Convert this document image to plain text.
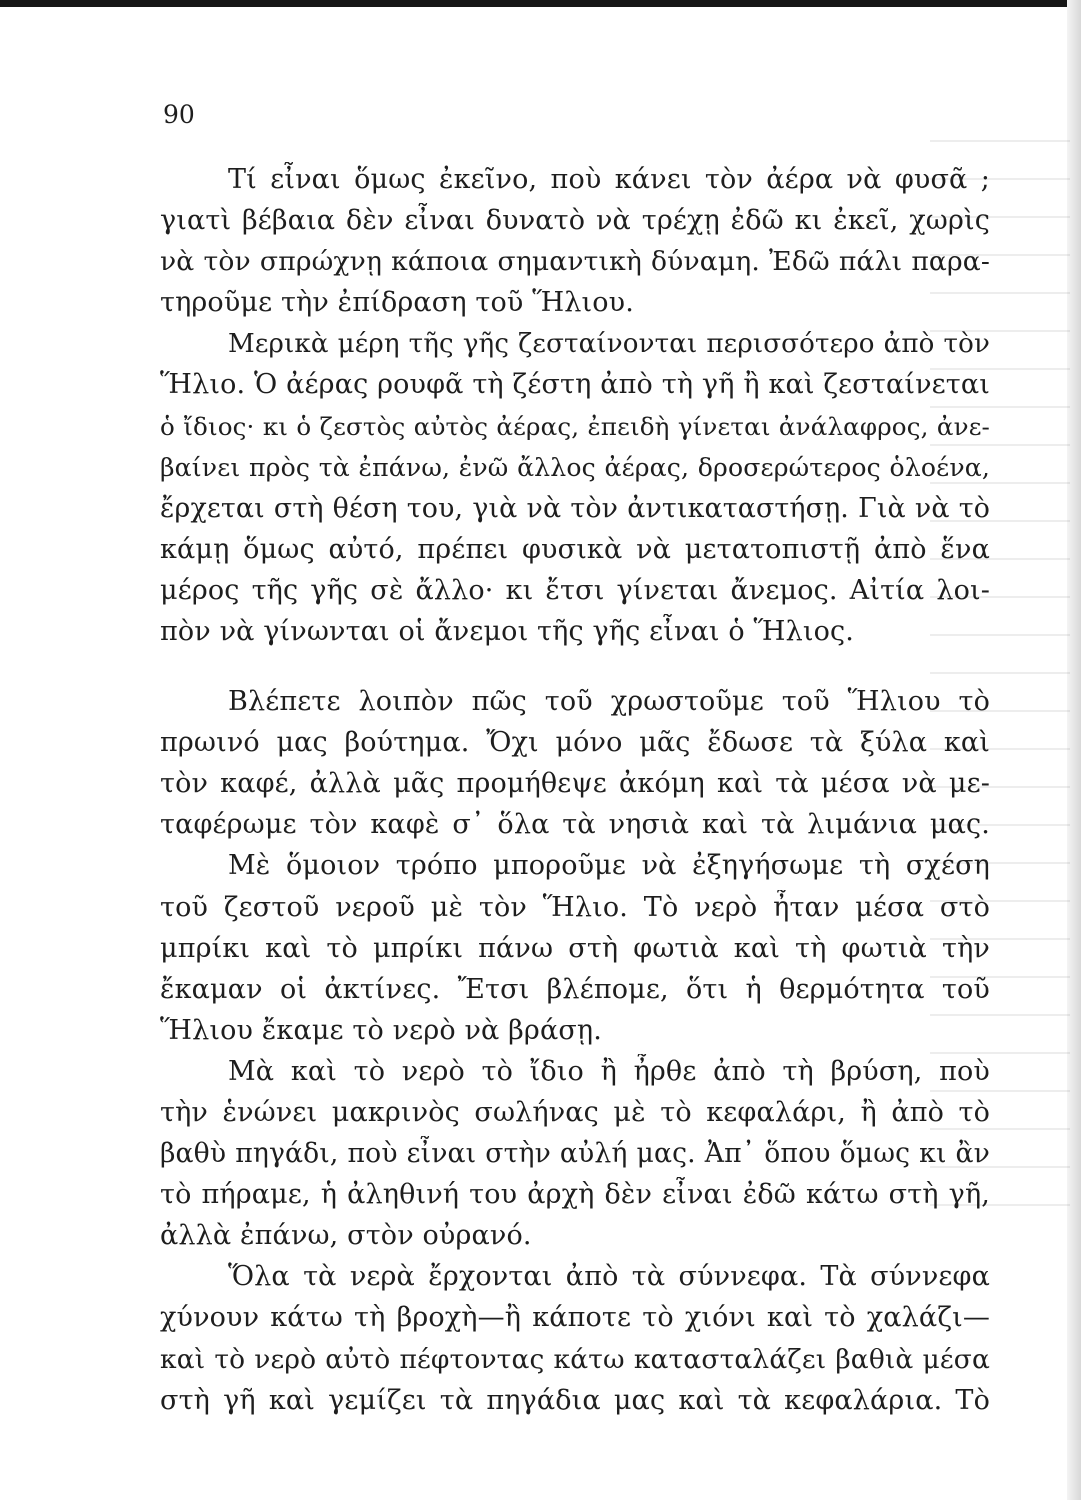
90

Τί εἶναι ὅμως ἐκεῖνο, ποὺ κάνει τὸν ἀέρα νὰ φυσᾶ ;
γιατὶ βέβαια δὲν εἶναι δυνατὸ νὰ τρέχῃ ἐδῶ κι ἐκεῖ, χωρὶς
νὰ τὸν σπρώχνῃ κάποια σημαντικὴ δύναμη. Ἐδῶ πάλι παρα-
τηροῦμε τὴν ἐπίδραση τοῦ Ἥλιου.
Μερικὰ μέρη τῆς γῆς ζεσταίνονται περισσότερο ἀπὸ τὸν
Ἥλιο. Ὁ ἀέρας ρουφᾶ τὴ ζέστη ἀπὸ τὴ γῆ ἢ καὶ ζεσταίνεται
ὁ ἴδιος· κι ὁ ζεστὸς αὐτὸς ἀέρας, ἐπειδὴ γίνεται ἀνάλαφρος, ἀνε-
βαίνει πρὸς τὰ ἐπάνω, ἐνῶ ἄλλος ἀέρας, δροσερώτερος ὁλοένα,
ἔρχεται στὴ θέση του, γιὰ νὰ τὸν ἀντικαταστήσῃ. Γιὰ νὰ τὸ
κάμῃ ὅμως αὐτό, πρέπει φυσικὰ νὰ μετατοπιστῇ ἀπὸ ἕνα
μέρος τῆς γῆς σὲ ἄλλο· κι ἔτσι γίνεται ἄνεμος. Αἰτία λοι-
πὸν νὰ γίνωνται οἱ ἄνεμοι τῆς γῆς εἶναι ὁ Ἥλιος.
Βλέπετε λοιπὸν πῶς τοῦ χρωστοῦμε τοῦ Ἥλιου τὸ
πρωινό μας βούτημα. Ὄχι μόνο μᾶς ἔδωσε τὰ ξύλα καὶ
τὸν καφέ, ἀλλὰ μᾶς προμήθεψε ἀκόμη καὶ τὰ μέσα νὰ με-
ταφέρωμε τὸν καφὲ σ᾽ ὅλα τὰ νησιὰ καὶ τὰ λιμάνια μας.
Μὲ ὅμοιον τρόπο μποροῦμε νὰ ἐξηγήσωμε τὴ σχέση
τοῦ ζεστοῦ νεροῦ μὲ τὸν Ἥλιο. Τὸ νερὸ ἦταν μέσα στὸ
μπρίκι καὶ τὸ μπρίκι πάνω στὴ φωτιὰ καὶ τὴ φωτιὰ τὴν
ἔκαμαν οἱ ἀκτίνες. Ἔτσι βλέπομε, ὅτι ἡ θερμότητα τοῦ
Ἥλιου ἔκαμε τὸ νερὸ νὰ βράσῃ.
Μὰ καὶ τὸ νερὸ τὸ ἴδιο ἢ ἦρθε ἀπὸ τὴ βρύση, ποὺ
τὴν ἑνώνει μακρινὸς σωλήνας μὲ τὸ κεφαλάρι, ἢ ἀπὸ τὸ
βαθὺ πηγάδι, ποὺ εἶναι στὴν αὐλή μας. Ἀπ᾽ ὅπου ὅμως κι ἂν
τὸ πήραμε, ἡ ἀληθινή του ἀρχὴ δὲν εἶναι ἐδῶ κάτω στὴ γῆ,
ἀλλὰ ἐπάνω, στὸν οὐρανό.
Ὅλα τὰ νερὰ ἔρχονται ἀπὸ τὰ σύννεφα. Τὰ σύννεφα
χύνουν κάτω τὴ βροχὴ—ἢ κάποτε τὸ χιόνι καὶ τὸ χαλάζι—
καὶ τὸ νερὸ αὐτὸ πέφτοντας κάτω κατασταλάζει βαθιὰ μέσα
στὴ γῆ καὶ γεμίζει τὰ πηγάδια μας καὶ τὰ κεφαλάρια. Τὸ
